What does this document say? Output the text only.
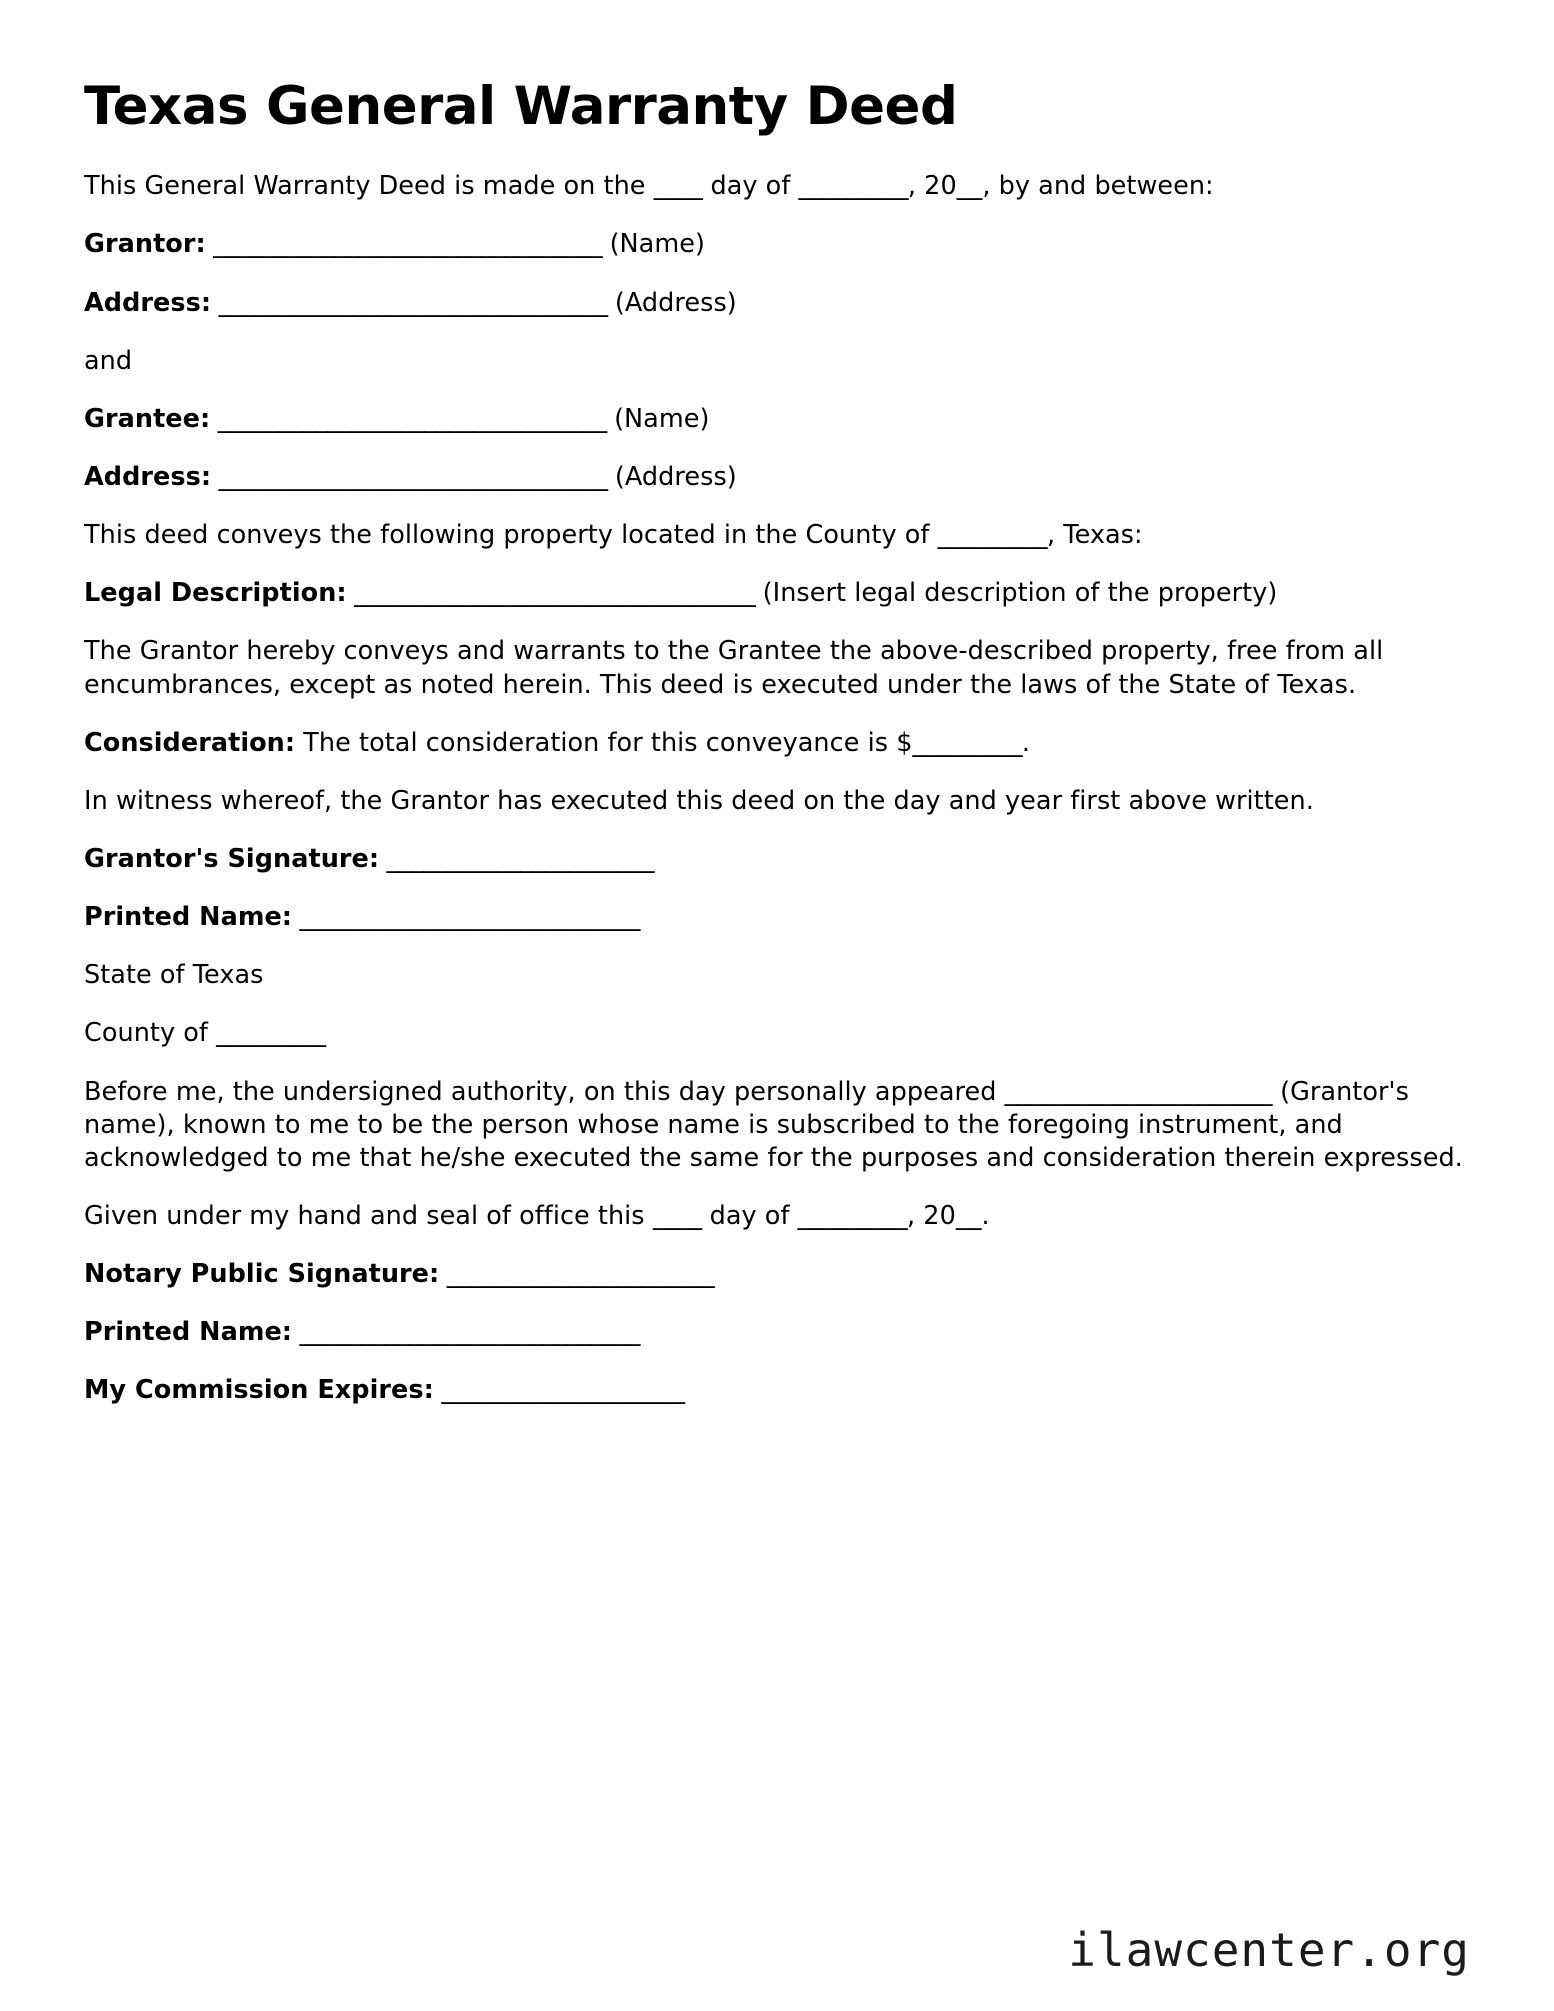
Texas General Warranty Deed

This General Warranty Deed is made on the ____ day of _________, 20__, by and between:

Grantor: ________________________________ (Name)

Address: ________________________________ (Address)

and

Grantee: ________________________________ (Name)

Address: ________________________________ (Address)

This deed conveys the following property located in the County of _________, Texas:

Legal Description: _________________________________ (Insert legal description of the property)

The Grantor hereby conveys and warrants to the Grantee the above-described property, free from all encumbrances, except as noted herein. This deed is executed under the laws of the State of Texas.

Consideration: The total consideration for this conveyance is $_________.

In witness whereof, the Grantor has executed this deed on the day and year first above written.

Grantor's Signature: ______________________

Printed Name: ____________________________

State of Texas

County of _________

Before me, the undersigned authority, on this day personally appeared ______________________ (Grantor's name), known to me to be the person whose name is subscribed to the foregoing instrument, and acknowledged to me that he/she executed the same for the purposes and consideration therein expressed.

Given under my hand and seal of office this ____ day of _________, 20__.

Notary Public Signature: ______________________

Printed Name: ____________________________

My Commission Expires: ____________________

ilawcenter.org
